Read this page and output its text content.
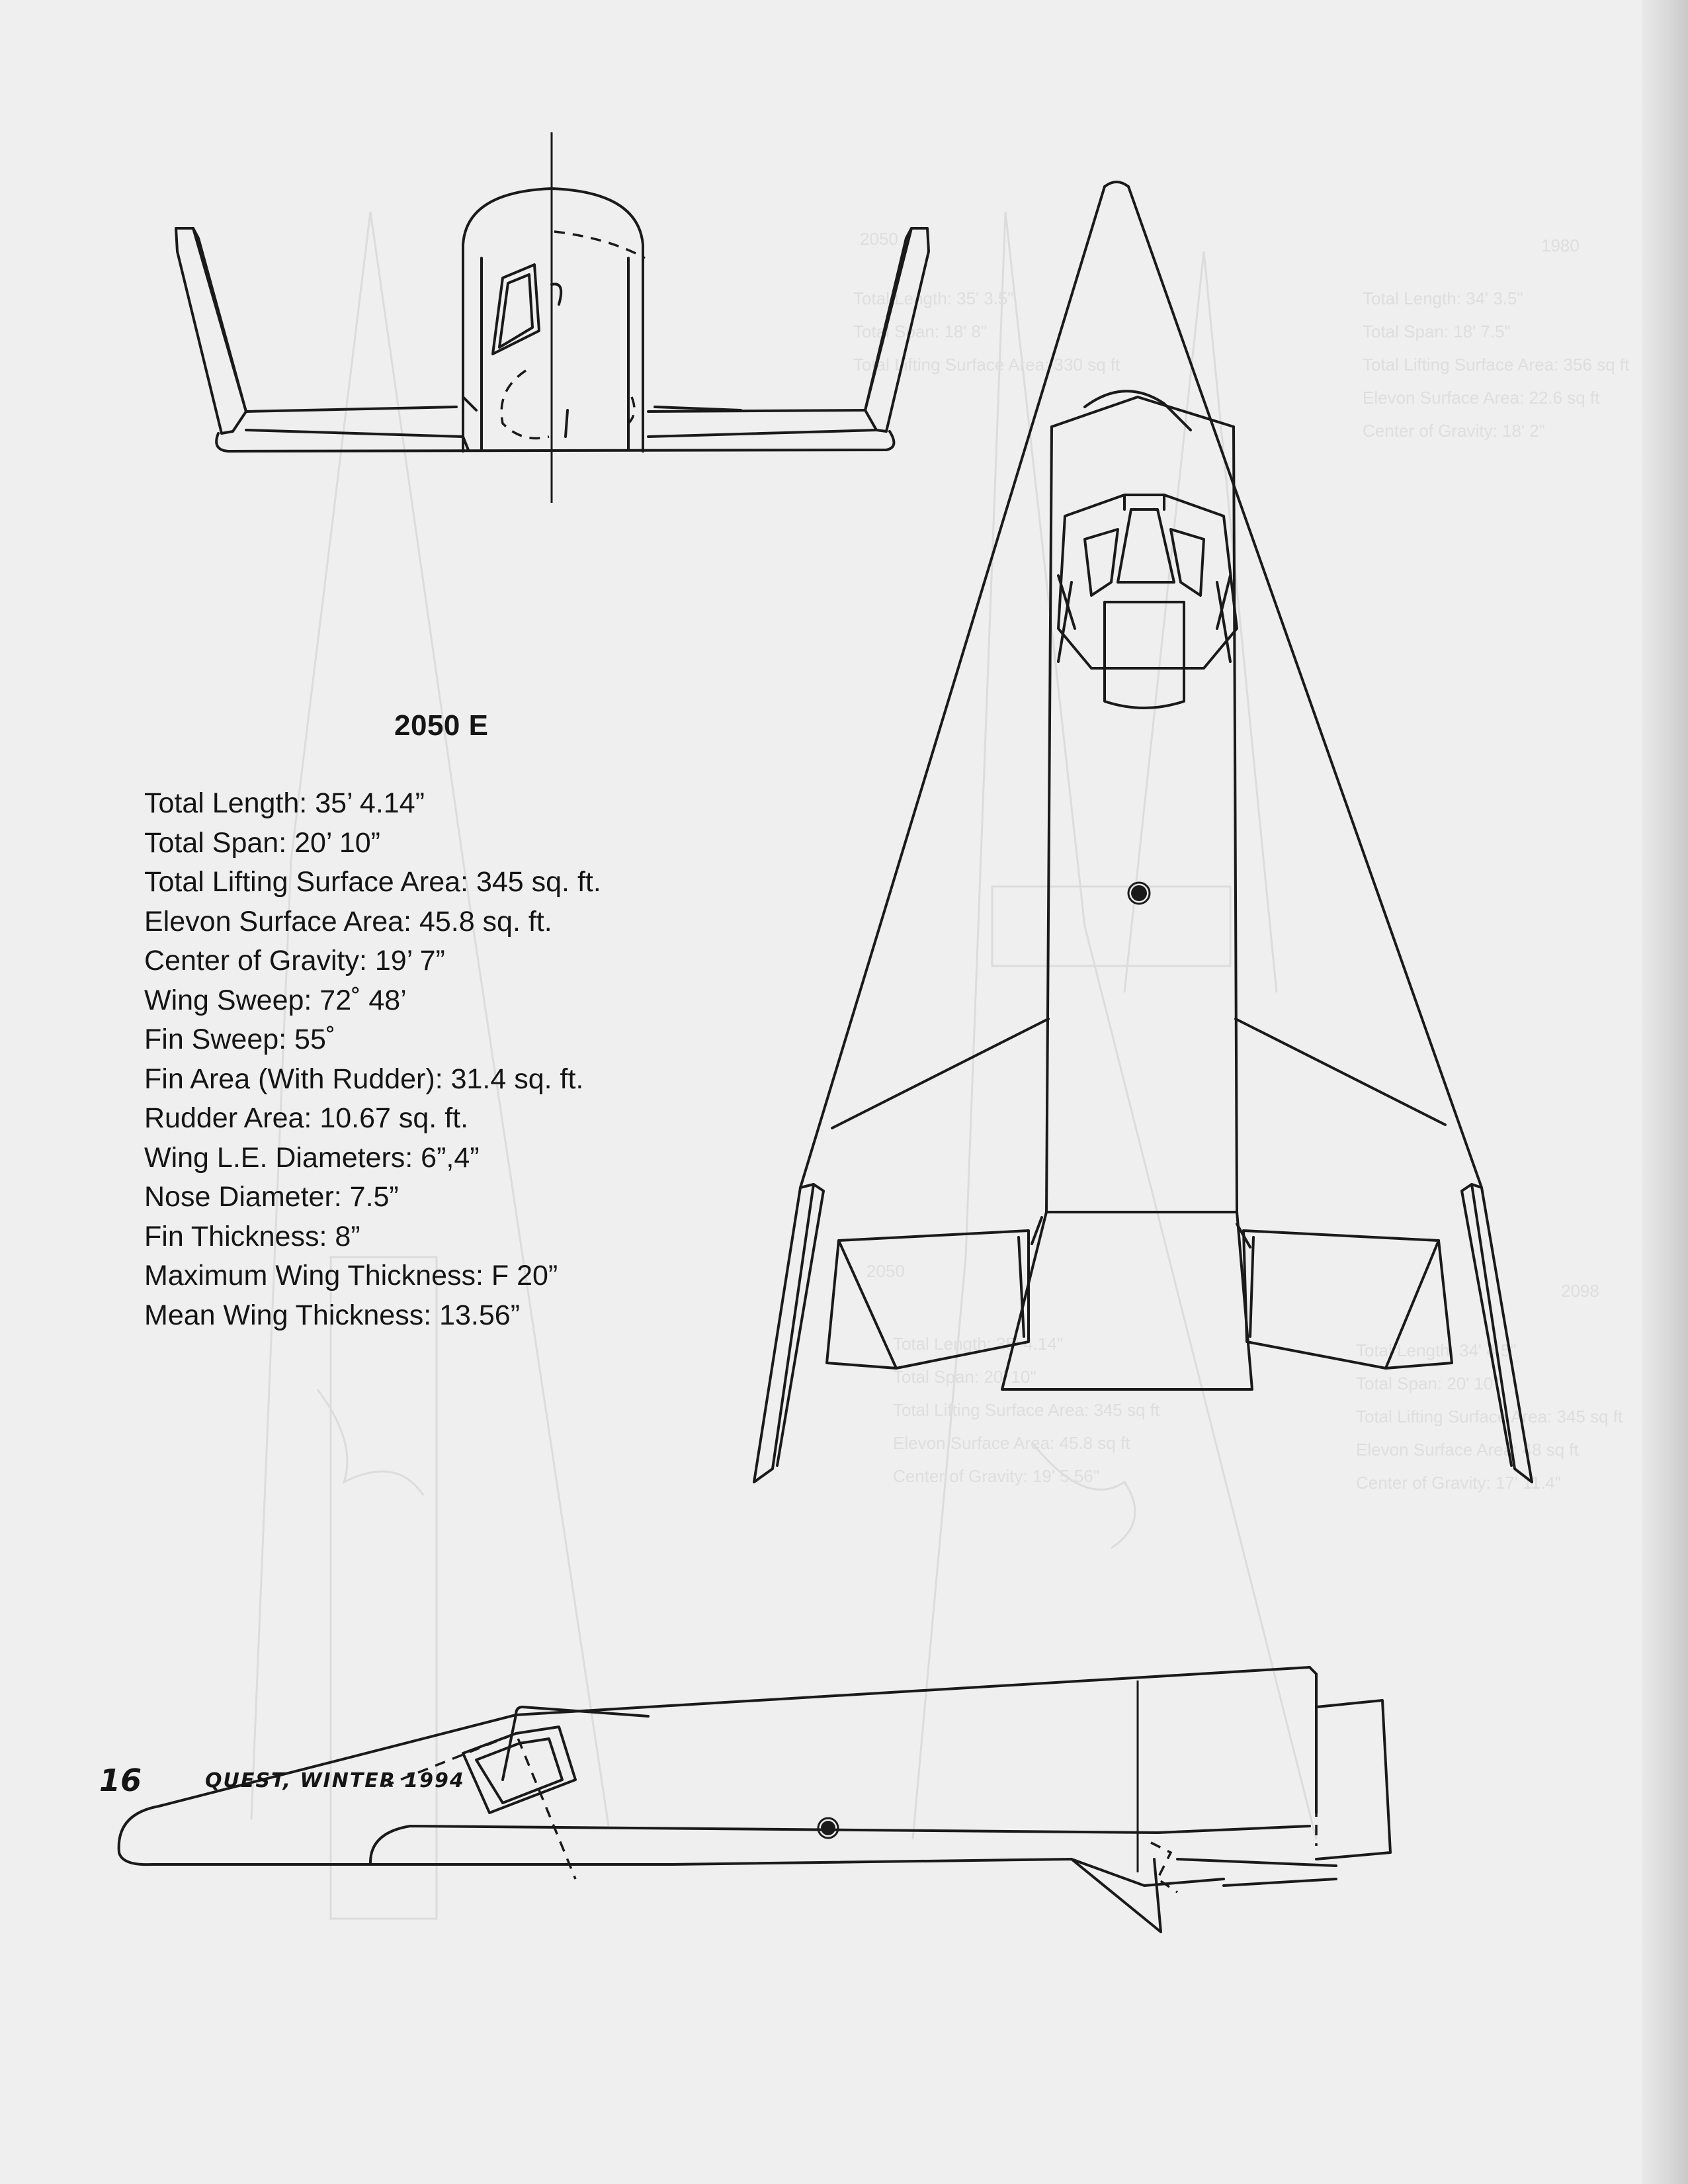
2050
Total Length: 35' 3.5"
Total Span: 18' 8"
Total Lifting Surface Area: 330 sq ft
1980
Total Length: 34' 3.5"
Total Span: 18' 7.5"
Total Lifting Surface Area: 356 sq ft
Elevon Surface Area: 22.6 sq ft
Center of Gravity: 18' 2"
2050
Total Length: 35' 4.14"
Total Span: 20' 10"
Total Lifting Surface Area: 345 sq ft
Elevon Surface Area: 45.8 sq ft
Center of Gravity: 19' 5.56"
2098
Total Length: 34' 4.5"
Total Span: 20' 10"
Total Lifting Surface Area: 345 sq ft
Elevon Surface Area: 48 sq ft
Center of Gravity: 17' 11.4"
2050 E
Total Length: 35’ 4.14”
Total Span: 20’ 10”
Total Lifting Surface Area: 345 sq. ft.
Elevon Surface Area: 45.8 sq. ft.
Center of Gravity: 19’ 7”
Wing Sweep: 72˚ 48’
Fin Sweep: 55˚
Fin Area (With Rudder): 31.4 sq. ft.
Rudder Area: 10.67 sq. ft.
Wing L.E. Diameters: 6”,4”
Nose Diameter: 7.5”
Fin Thickness: 8”
Maximum Wing Thickness: F 20”
Mean Wing Thickness: 13.56”
16	QUEST, WINTER 1994
